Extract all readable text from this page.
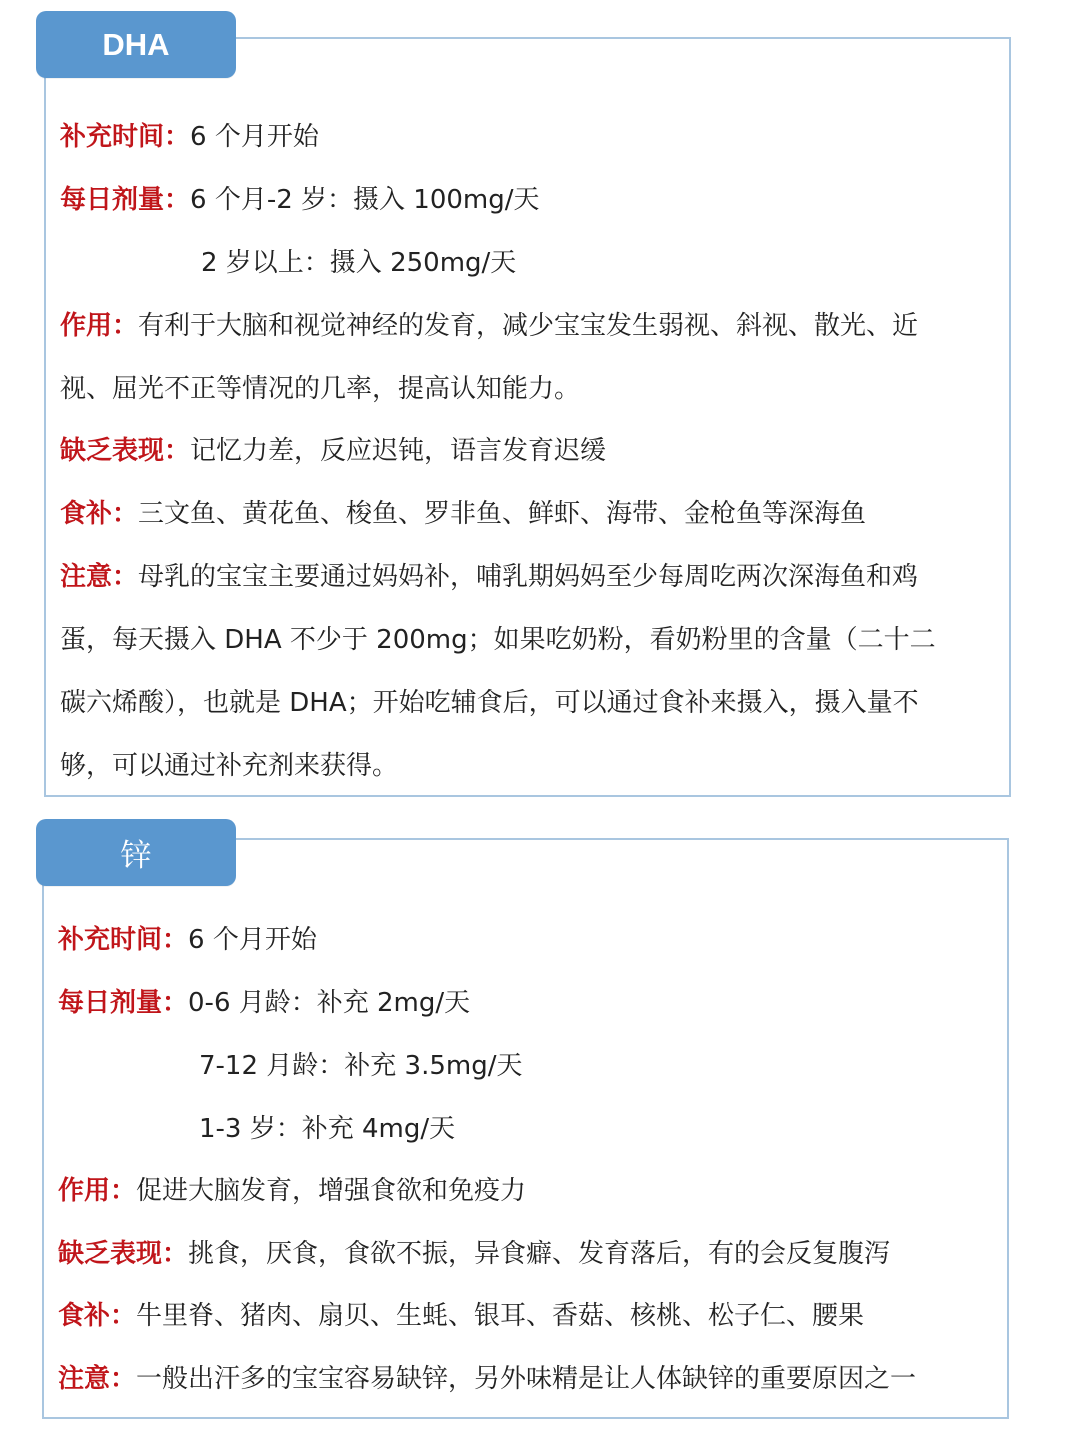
DHA
补充时间：6 个月开始
每日剂量：6 个月-2 岁：摄入 100mg/天
2 岁以上：摄入 250mg/天
作用：有利于大脑和视觉神经的发育，减少宝宝发生弱视、斜视、散光、近
视、屈光不正等情况的几率，提高认知能力。
缺乏表现：记忆力差，反应迟钝，语言发育迟缓
食补：三文鱼、黄花鱼、梭鱼、罗非鱼、鲜虾、海带、金枪鱼等深海鱼
注意：母乳的宝宝主要通过妈妈补，哺乳期妈妈至少每周吃两次深海鱼和鸡
蛋，每天摄入 DHA 不少于 200mg；如果吃奶粉，看奶粉里的含量（二十二
碳六烯酸），也就是 DHA；开始吃辅食后，可以通过食补来摄入，摄入量不
够，可以通过补充剂来获得。
锌
补充时间：6 个月开始
每日剂量：0-6 月龄：补充 2mg/天
7-12 月龄：补充 3.5mg/天
1-3 岁：补充 4mg/天
作用：促进大脑发育，增强食欲和免疫力
缺乏表现：挑食，厌食，食欲不振，异食癖、发育落后，有的会反复腹泻
食补：牛里脊、猪肉、扇贝、生蚝、银耳、香菇、核桃、松子仁、腰果
注意：一般出汗多的宝宝容易缺锌，另外味精是让人体缺锌的重要原因之一
